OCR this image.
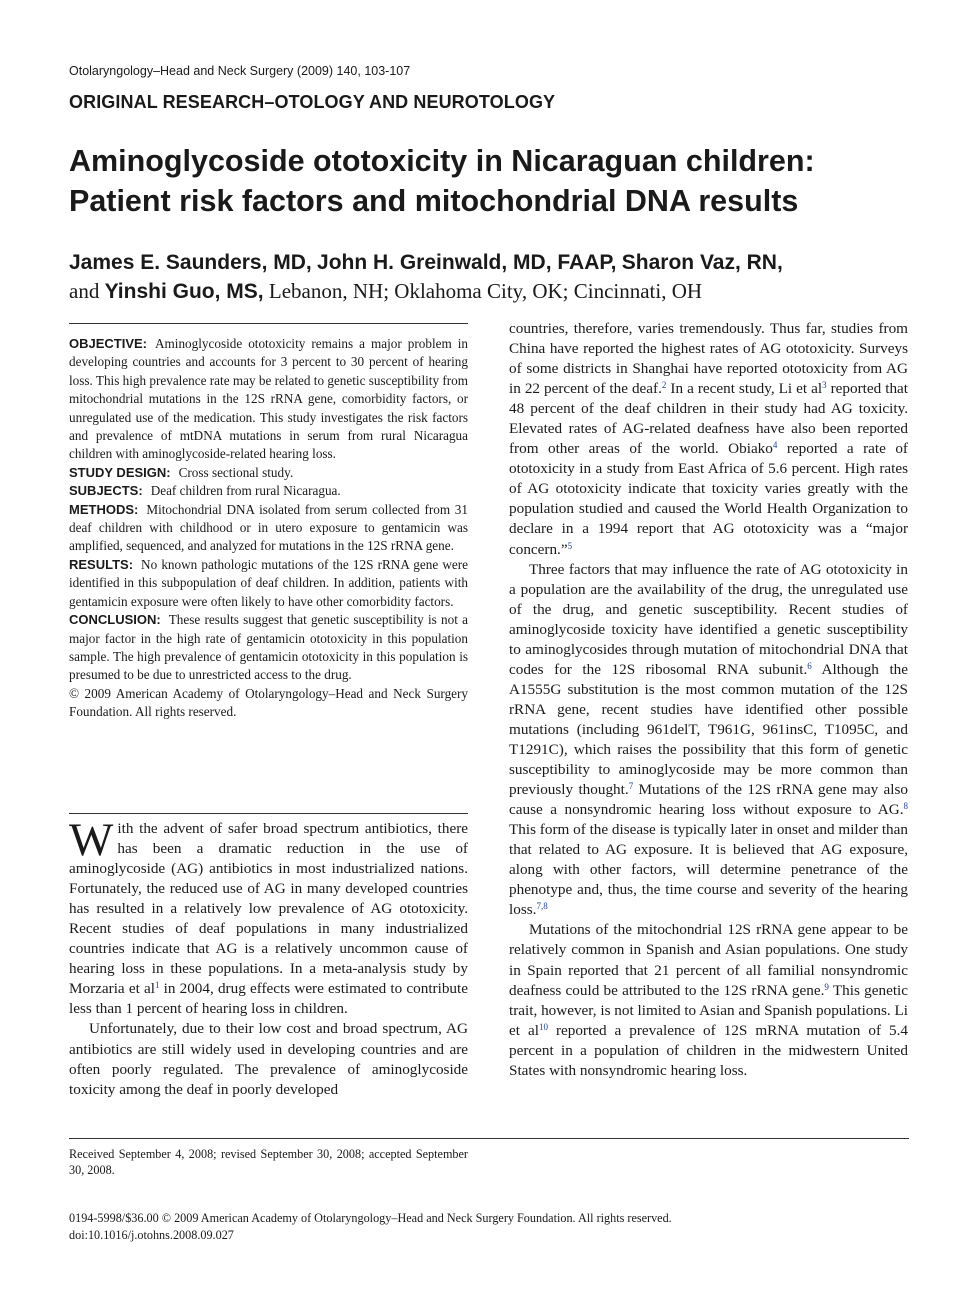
Otolaryngology–Head and Neck Surgery (2009) 140, 103-107
ORIGINAL RESEARCH–OTOLOGY AND NEUROTOLOGY
Aminoglycoside ototoxicity in Nicaraguan children:
Patient risk factors and mitochondrial DNA results
James E. Saunders, MD, John H. Greinwald, MD, FAAP, Sharon Vaz, RN,
and Yinshi Guo, MS, Lebanon, NH; Oklahoma City, OK; Cincinnati, OH

OBJECTIVE: Aminoglycoside ototoxicity remains a major problem in developing countries and accounts for 3 percent to 30 percent of hearing loss. This high prevalence rate may be related to genetic susceptibility from mitochondrial mutations in the 12S rRNA gene, comorbidity factors, or unregulated use of the medication. This study investigates the risk factors and prevalence of mtDNA mutations in serum from rural Nicaragua children with aminoglycoside-related hearing loss.

STUDY DESIGN: Cross sectional study.

SUBJECTS: Deaf children from rural Nicaragua.

METHODS: Mitochondrial DNA isolated from serum collected from 31 deaf children with childhood or in utero exposure to gentamicin was amplified, sequenced, and analyzed for mutations in the 12S rRNA gene.

RESULTS: No known pathologic mutations of the 12S rRNA gene were identified in this subpopulation of deaf children. In addition, patients with gentamicin exposure were often likely to have other comorbidity factors.

CONCLUSION: These results suggest that genetic susceptibility is not a major factor in the high rate of gentamicin ototoxicity in this population sample. The high prevalence of gentamicin ototoxicity in this population is presumed to be due to unrestricted access to the drug.

© 2009 American Academy of Otolaryngology–Head and Neck Surgery Foundation. All rights reserved.

With the advent of safer broad spectrum antibiotics, there has been a dramatic reduction in the use of aminoglycoside (AG) antibiotics in most industrialized nations. Fortunately, the reduced use of AG in many developed countries has resulted in a relatively low prevalence of AG ototoxicity. Recent studies of deaf populations in many industrialized countries indicate that AG is a relatively uncommon cause of hearing loss in these populations. In a meta-analysis study by Morzaria et $al^1$ in 2004, drug effects were estimated to contribute less than 1 percent of hearing loss in children.

Unfortunately, due to their low cost and broad spectrum, AG antibiotics are still widely used in developing countries and are often poorly regulated. The prevalence of aminoglycoside toxicity among the deaf in poorly developed

countries, therefore, varies tremendously. Thus far, studies from China have reported the highest rates of AG ototoxicity. Surveys of some districts in Shanghai have reported ototoxicity from AG in 22 percent of the deaf.$^2$ In a recent study, Li et $al^3$ reported that 48 percent of the deaf children in their study had AG toxicity. Elevated rates of AG-related deafness have also been reported from other areas of the world. Obiako$^4$ reported a rate of ototoxicity in a study from East Africa of 5.6 percent. High rates of AG ototoxicity indicate that toxicity varies greatly with the population studied and caused the World Health Organization to declare in a 1994 report that AG ototoxicity was a “major concern.”$^5$

Three factors that may influence the rate of AG ototoxicity in a population are the availability of the drug, the unregulated use of the drug, and genetic susceptibility. Recent studies of aminoglycoside toxicity have identified a genetic susceptibility to aminoglycosides through mutation of mitochondrial DNA that codes for the 12S ribosomal RNA subunit.$^6$ Although the A1555G substitution is the most common mutation of the 12S rRNA gene, recent studies have identified other possible mutations (including 961delT, T961G, 961insC, T1095C, and T1291C), which raises the possibility that this form of genetic susceptibility to aminoglycoside may be more common than previously thought.$^7$ Mutations of the 12S rRNA gene may also cause a nonsyndromic hearing loss without exposure to AG.$^8$ This form of the disease is typically later in onset and milder than that related to AG exposure. It is believed that AG exposure, along with other factors, will determine penetrance of the phenotype and, thus, the time course and severity of the hearing loss.$^{7,8}$

Mutations of the mitochondrial 12S rRNA gene appear to be relatively common in Spanish and Asian populations. One study in Spain reported that 21 percent of all familial nonsyndromic deafness could be attributed to the 12S rRNA gene.$^9$ This genetic trait, however, is not limited to Asian and Spanish populations. Li et $al^{10}$ reported a prevalence of 12S mRNA mutation of 5.4 percent in a population of children in the midwestern United States with nonsyndromic hearing loss.

Received September 4, 2008; revised September 30, 2008; accepted September 30, 2008.
0194-5998/$36.00 © 2009 American Academy of Otolaryngology–Head and Neck Surgery Foundation. All rights reserved.
doi:10.1016/j.otohns.2008.09.027
